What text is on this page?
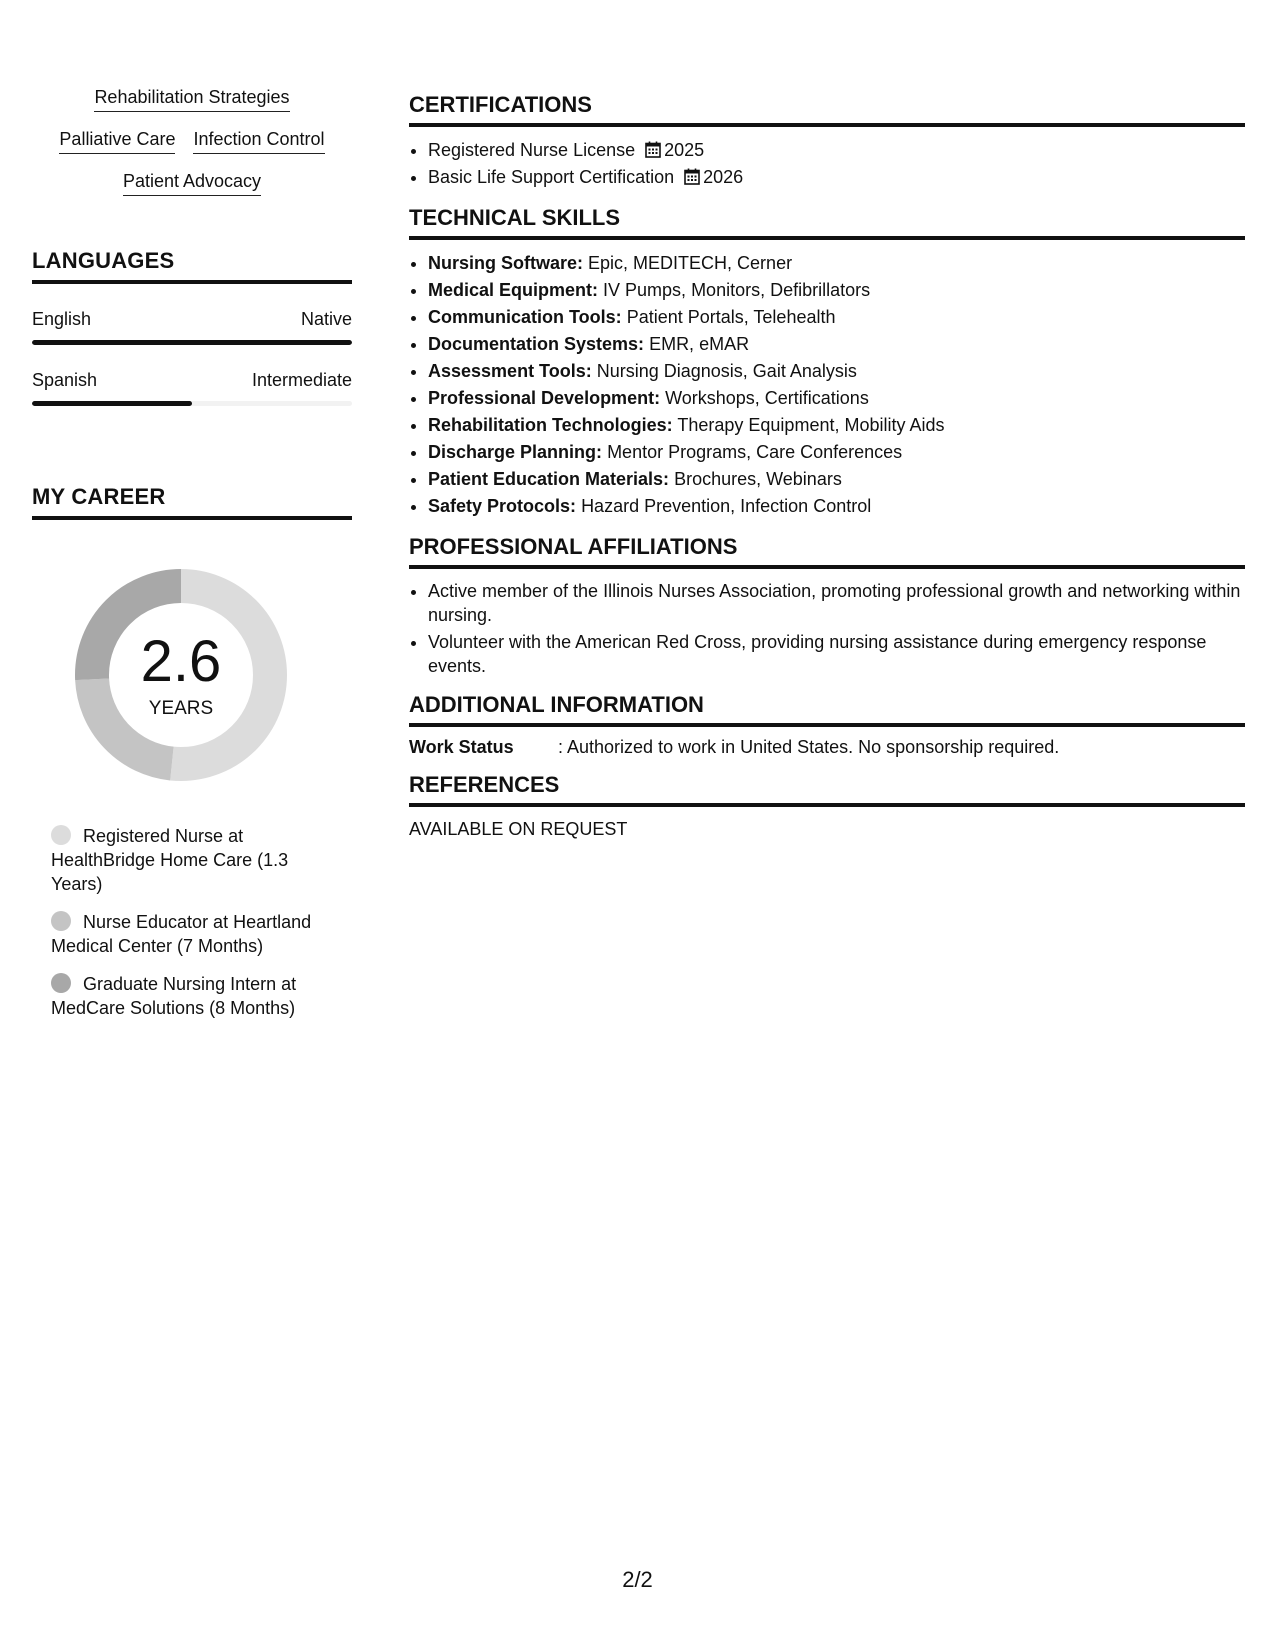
Rehabilitation Strategies
Palliative Care Infection Control
Patient Advocacy
LANGUAGES
English	Native
Spanish	Intermediate
MY CAREER
2.6
YEARS
Registered Nurse at HealthBridge Home Care (1.3 Years)
Nurse Educator at Heartland Medical Center (7 Months)
Graduate Nursing Intern at MedCare Solutions (8 Months)
CERTIFICATIONS
• Registered Nurse License 2025
• Basic Life Support Certification 2026
TECHNICAL SKILLS
• Nursing Software: Epic, MEDITECH, Cerner
• Medical Equipment: IV Pumps, Monitors, Defibrillators
• Communication Tools: Patient Portals, Telehealth
• Documentation Systems: EMR, eMAR
• Assessment Tools: Nursing Diagnosis, Gait Analysis
• Professional Development: Workshops, Certifications
• Rehabilitation Technologies: Therapy Equipment, Mobility Aids
• Discharge Planning: Mentor Programs, Care Conferences
• Patient Education Materials: Brochures, Webinars
• Safety Protocols: Hazard Prevention, Infection Control
PROFESSIONAL AFFILIATIONS
• Active member of the Illinois Nurses Association, promoting professional growth and networking within nursing.
• Volunteer with the American Red Cross, providing nursing assistance during emergency response events.
ADDITIONAL INFORMATION
Work Status	: Authorized to work in United States. No sponsorship required.
REFERENCES
AVAILABLE ON REQUEST
2/2
